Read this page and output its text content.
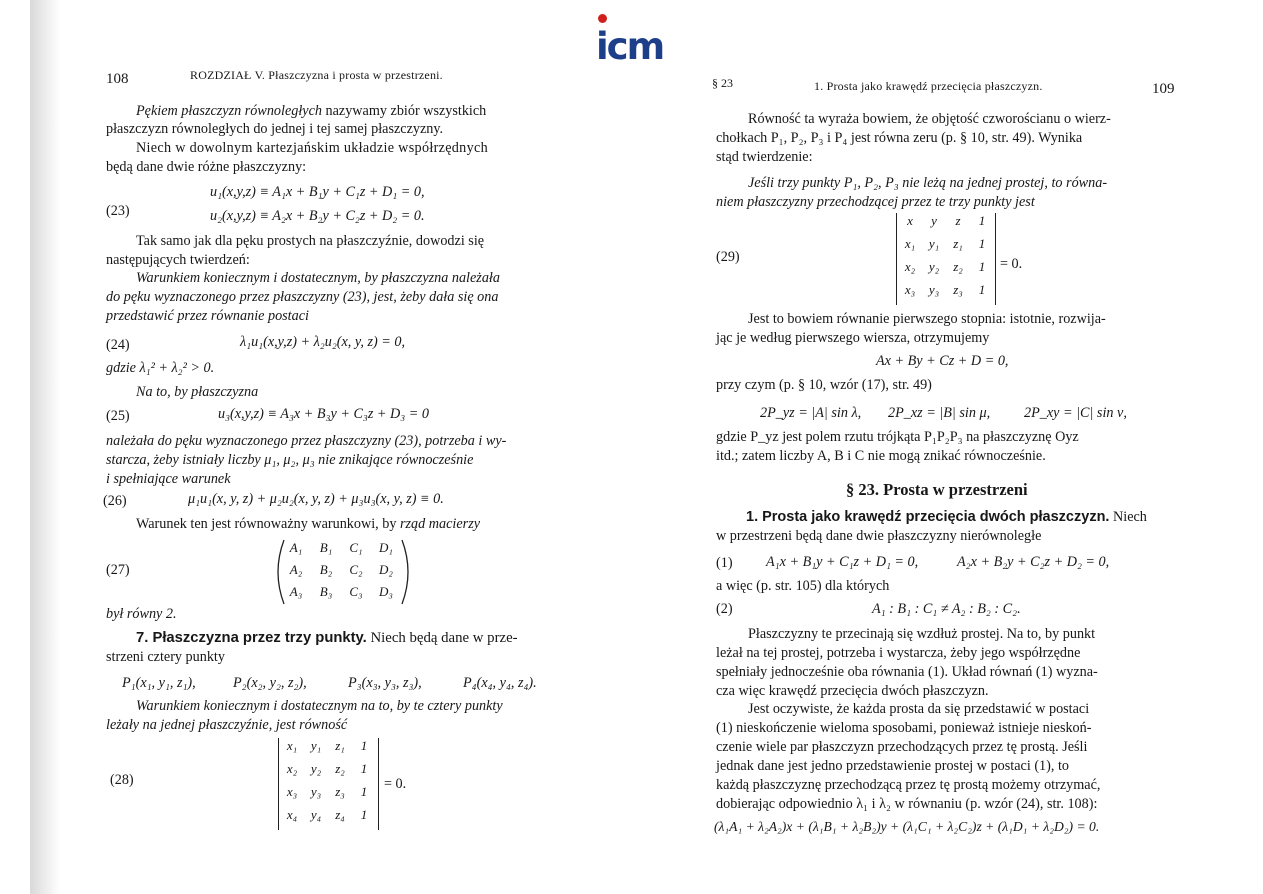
icm
108	ROZDZIAŁ V. Płaszczyzna i prosta w przestrzeni.
Pękiem płaszczyzn równoległych nazywamy zbiór wszystkich
płaszczyzn równoległych do jednej i tej samej płaszczyzny.
Niech w dowolnym kartezjańskim układzie współrzędnych
będą dane dwie różne płaszczyzny:
(23)
u₁(x,y,z) ≡ A₁x + B₁y + C₁z + D₁ = 0,
u₂(x,y,z) ≡ A₂x + B₂y + C₂z + D₂ = 0.
Tak samo jak dla pęku prostych na płaszczyźnie, dowodzi się
następujących twierdzeń:
Warunkiem koniecznym i dostatecznym, by płaszczyzna należała
do pęku wyznaczonego przez płaszczyzny (23), jest, żeby dała się ona
przedstawić przez równanie postaci
(24)	λ₁u₁(x,y,z) + λ₂u₂(x, y, z) = 0,
gdzie λ₁² + λ₂² > 0.
Na to, by płaszczyzna
(25)	u₃(x,y,z) ≡ A₃x + B₃y + C₃z + D₃ = 0
należała do pęku wyznaczonego przez płaszczyzny (23), potrzeba i wy-
starcza, żeby istniały liczby μ₁, μ₂, μ₃ nie znikające równocześnie
i spełniające warunek
(26)	μ₁u₁(x, y, z) + μ₂u₂(x, y, z) + μ₃u₃(x, y, z) ≡ 0.
Warunek ten jest równoważny warunkowi, by rząd macierzy
(27)
A₁	B₁	C₁	D₁
A₂	B₂	C₂	D₂
A₃	B₃	C₃	D₃
był równy 2.
7. Płaszczyzna przez trzy punkty. Niech będą dane w prze-
strzeni cztery punkty
P₁(x₁, y₁, z₁),	P₂(x₂, y₂, z₂),	P₃(x₃, y₃, z₃),	P₄(x₄, y₄, z₄).
Warunkiem koniecznym i dostatecznym na to, by te cztery punkty
leżały na jednej płaszczyźnie, jest równość
(28)
x₁	y₁	z₁	1
x₂	y₂	z₂	1
x₃	y₃	z₃	1
x₄	y₄	z₄	1
= 0.
§ 23	1. Prosta jako krawędź przecięcia płaszczyzn.	109
Równość ta wyraża bowiem, że objętość czworościanu o wierz-
chołkach P₁, P₂, P₃ i P₄ jest równa zeru (p. § 10, str. 49). Wynika
stąd twierdzenie:
Jeśli trzy punkty P₁, P₂, P₃ nie leżą na jednej prostej, to równa-
niem płaszczyzny przechodzącej przez te trzy punkty jest
(29)
x	y	z	1
x₁	y₁	z₁	1
x₂	y₂	z₂	1
x₃	y₃	z₃	1
= 0.
Jest to bowiem równanie pierwszego stopnia: istotnie, rozwija-
jąc je według pierwszego wiersza, otrzymujemy
Ax + By + Cz + D = 0,
przy czym (p. § 10, wzór (17), str. 49)
2P_yz = |A| sin λ, 2P_xz = |B| sin μ, 2P_xy = |C| sin ν,
gdzie P_yz jest polem rzutu trójkąta P₁P₂P₃ na płaszczyznę Oyz
itd.; zatem liczby A, B i C nie mogą znikać równocześnie.
§ 23. Prosta w przestrzeni
1. Prosta jako krawędź przecięcia dwóch płaszczyzn. Niech
w przestrzeni będą dane dwie płaszczyzny nierównoległe
(1) A₁x + B₁y + C₁z + D₁ = 0,	A₂x + B₂y + C₂z + D₂ = 0,
a więc (p. str. 105) dla których
(2)	A₁ : B₁ : C₁ ≠ A₂ : B₂ : C₂.
Płaszczyzny te przecinają się wzdłuż prostej. Na to, by punkt
leżał na tej prostej, potrzeba i wystarcza, żeby jego współrzędne
spełniały jednocześnie oba równania (1). Układ równań (1) wyzna-
cza więc krawędź przecięcia dwóch płaszczyzn.
Jest oczywiste, że każda prosta da się przedstawić w postaci
(1) nieskończenie wieloma sposobami, ponieważ istnieje nieskoń-
czenie wiele par płaszczyzn przechodzących przez tę prostą. Jeśli
jednak dane jest jedno przedstawienie prostej w postaci (1), to
każdą płaszczyznę przechodzącą przez tę prostą możemy otrzymać,
dobierając odpowiednio λ₁ i λ₂ w równaniu (p. wzór (24), str. 108):
(λ₁A₁ + λ₂A₂)x + (λ₁B₁ + λ₂B₂)y + (λ₁C₁ + λ₂C₂)z + (λ₁D₁ + λ₂D₂) = 0.
